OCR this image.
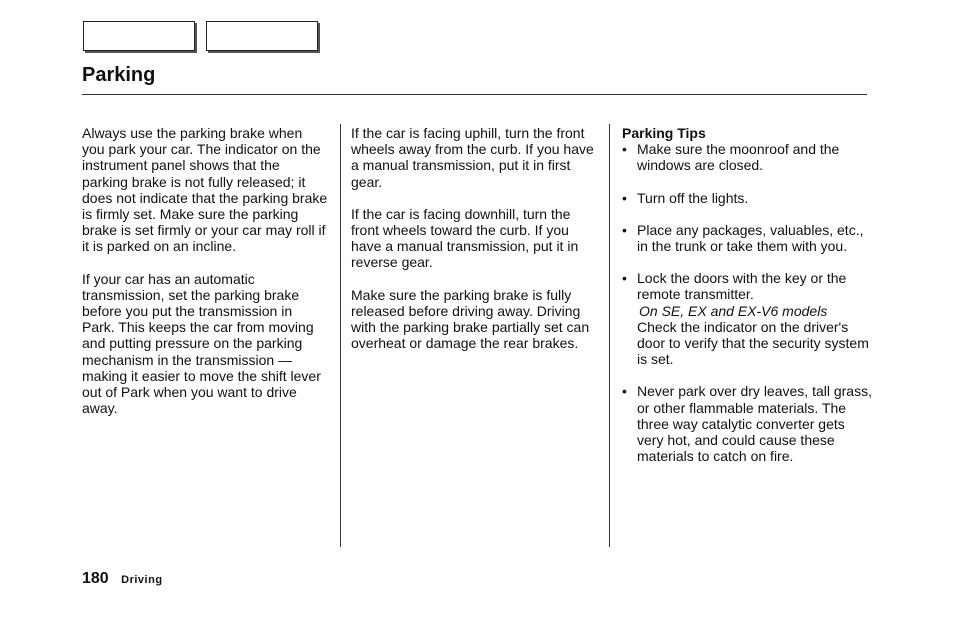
Parking

Always use the parking brake when you park your car. The indicator on the instrument panel shows that the parking brake is not fully released; it does not indicate that the parking brake is firmly set. Make sure the parking brake is set firmly or your car may roll if it is parked on an incline.

If your car has an automatic transmission, set the parking brake before you put the transmission in Park. This keeps the car from moving and putting pressure on the parking mechanism in the transmission — making it easier to move the shift lever out of Park when you want to drive away.

If the car is facing uphill, turn the front wheels away from the curb. If you have a manual transmission, put it in first gear.

If the car is facing downhill, turn the front wheels toward the curb. If you have a manual transmission, put it in reverse gear.

Make sure the parking brake is fully released before driving away. Driving with the parking brake partially set can overheat or damage the rear brakes.

Parking Tips
• Make sure the moonroof and the windows are closed.
• Turn off the lights.
• Place any packages, valuables, etc., in the trunk or take them with you.
• Lock the doors with the key or the remote transmitter.
On SE, EX and EX-V6 models
Check the indicator on the driver's door to verify that the security system is set.
• Never park over dry leaves, tall grass, or other flammable materials. The three way catalytic converter gets very hot, and could cause these materials to catch on fire.
180 Driving
